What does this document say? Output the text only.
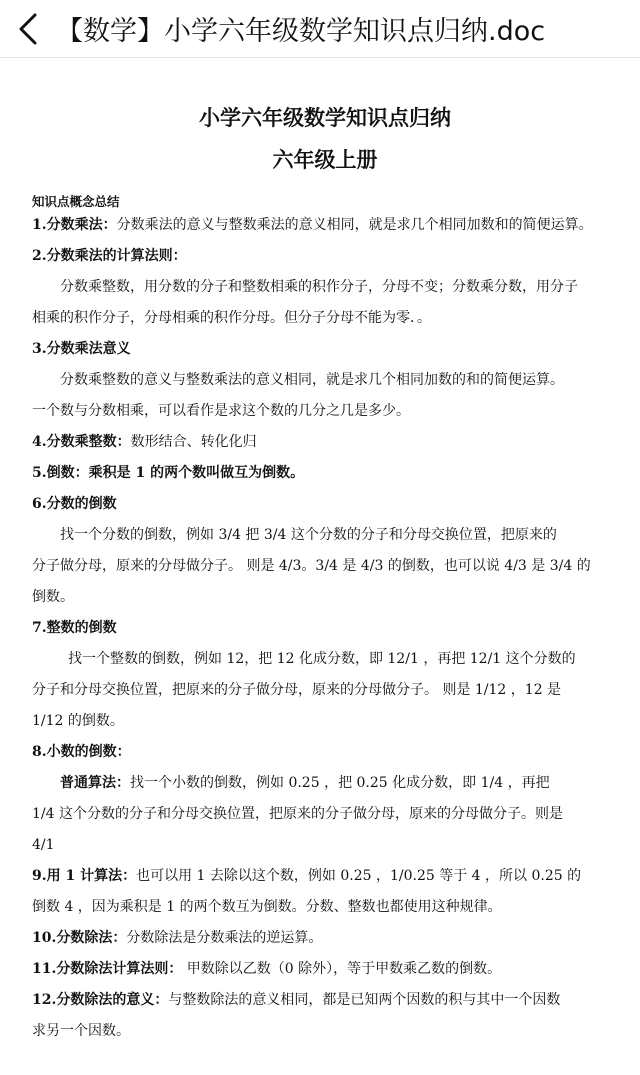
【数学】小学六年级数学知识点归纳.doc
小学六年级数学知识点归纳
六年级上册
知识点概念总结

1.分数乘法：分数乘法的意义与整数乘法的意义相同，就是求几个相同加数和的简便运算。

2.分数乘法的计算法则：

分数乘整数，用分数的分子和整数相乘的积作分子，分母不变；分数乘分数，用分子

相乘的积作分子，分母相乘的积作分母。但分子分母不能为零．。

3.分数乘法意义

分数乘整数的意义与整数乘法的意义相同，就是求几个相同加数的和的简便运算。

一个数与分数相乘，可以看作是求这个数的几分之几是多少。

4.分数乘整数：数形结合、转化化归

5.倒数：乘积是 1 的两个数叫做互为倒数。

6.分数的倒数

找一个分数的倒数，例如 3/4 把 3/4 这个分数的分子和分母交换位置，把原来的

分子做分母，原来的分母做分子。 则是 4/3。3/4 是 4/3 的倒数，也可以说 4/3 是 3/4 的

倒数。

7.整数的倒数

找一个整数的倒数，例如 12，把 12 化成分数，即 12/1 ，再把 12/1 这个分数的

分子和分母交换位置，把原来的分子做分母，原来的分母做分子。 则是 1/12 ，12 是

1/12 的倒数。

8.小数的倒数：

普通算法：找一个小数的倒数，例如 0.25 ，把 0.25 化成分数，即 1/4 ，再把

1/4 这个分数的分子和分母交换位置，把原来的分子做分母，原来的分母做分子。则是

4/1

9.用 1 计算法：也可以用 1 去除以这个数，例如 0.25 ，1/0.25 等于 4 ，所以 0.25 的

倒数 4 ，因为乘积是 1 的两个数互为倒数。分数、整数也都使用这种规律。

10.分数除法：分数除法是分数乘法的逆运算。

11.分数除法计算法则： 甲数除以乙数（0 除外），等于甲数乘乙数的倒数。

12.分数除法的意义：与整数除法的意义相同，都是已知两个因数的积与其中一个因数

求另一个因数。
